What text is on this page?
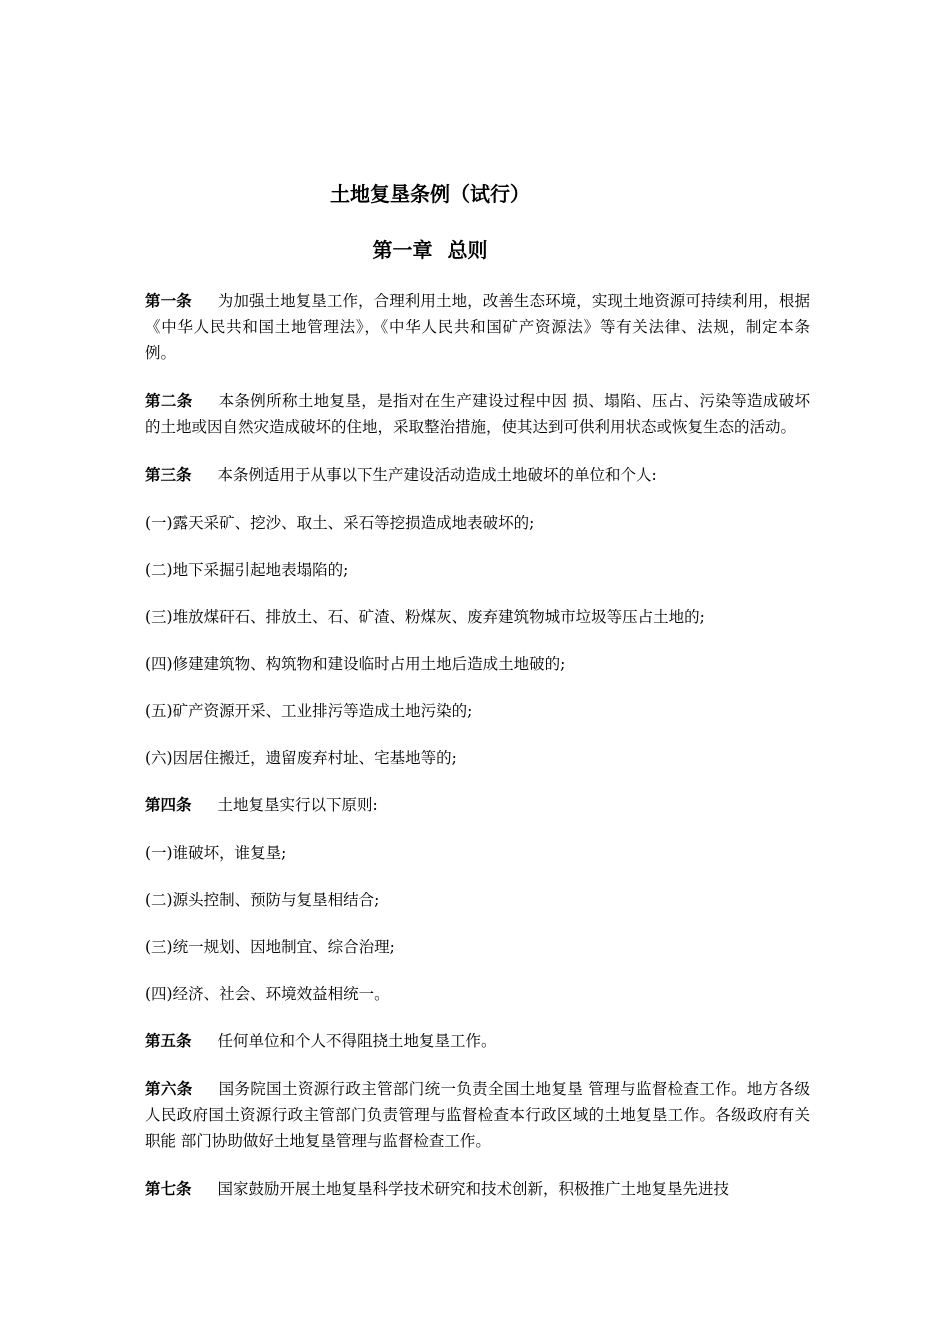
土地复垦条例（试行）
第一章 总则

第一条 为加强土地复垦工作，合理利用土地，改善生态环境，实现土地资源可持续利用，根据《中华人民共和国土地管理法》，《中华人民共和国矿产资源法》等有关法律、法规，制定本条例。

第二条 本条例所称土地复垦，是指对在生产建设过程中因 损、塌陷、压占、污染等造成破坏的土地或因自然灾造成破坏的住地，采取整治措施，使其达到可供利用状态或恢复生态的活动。

第三条 本条例适用于从事以下生产建设活动造成土地破坏的单位和个人:

(一)露天采矿、挖沙、取土、采石等挖损造成地表破坏的;

(二)地下采掘引起地表塌陷的;

(三)堆放煤矸石、排放土、石、矿渣、粉煤灰、废弃建筑物城市垃圾等压占土地的;

(四)修建建筑物、构筑物和建设临时占用土地后造成土地破的;

(五)矿产资源开采、工业排污等造成土地污染的;

(六)因居住搬迁，遗留废弃村址、宅基地等的;

第四条 土地复垦实行以下原则:

(一)谁破坏，谁复垦;

(二)源头控制、预防与复垦相结合;

(三)统一规划、因地制宜、综合治理;

(四)经济、社会、环境效益相统一。

第五条 任何单位和个人不得阻挠土地复垦工作。

第六条 国务院国土资源行政主管部门统一负责全国土地复垦 管理与监督检查工作。地方各级人民政府国土资源行政主管部门负责管理与监督检查本行政区域的土地复垦工作。各级政府有关职能 部门协助做好土地复垦管理与监督检查工作。

第七条 国家鼓励开展土地复垦科学技术研究和技术创新，积极推广土地复垦先进技
